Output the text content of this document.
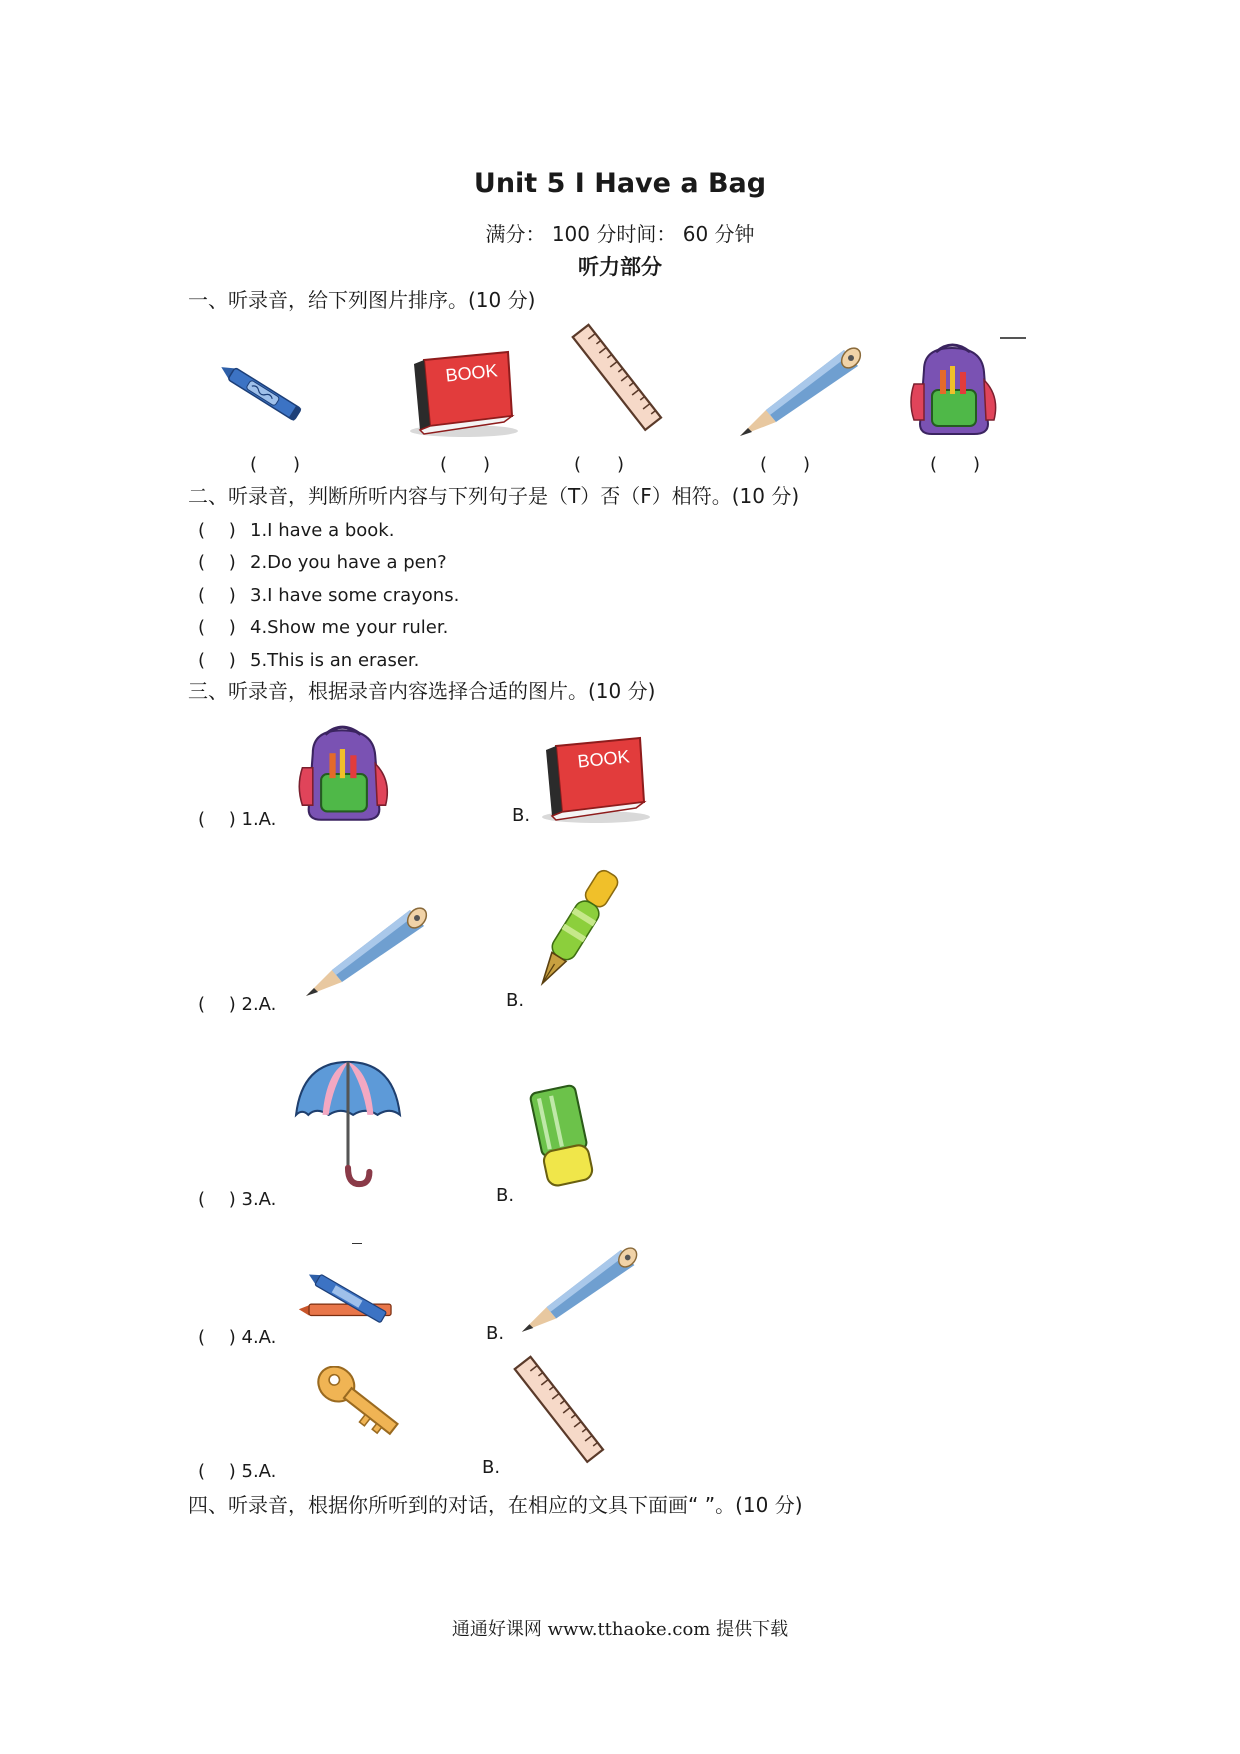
Unit 5 I Have a Bag
满分： 100 分时间： 60 分钟
听力部分
一、听录音，给下列图片排序。(10 分)
(　　)	(　　)	(　　)	(　　)	(　　)
二、听录音，判断所听内容与下列句子是（T）否（F）相符。(10 分)
(　 ) 1.I have a book.
(　 ) 2.Do you have a pen?
(　 ) 3.I have some crayons.
(　 ) 4.Show me your ruler.
(　 ) 5.This is an eraser.
三、听录音，根据录音内容选择合适的图片。(10 分)
(　 ) 1.A.	B.
(　 ) 2.A.	B.
(　 ) 3.A.	B.
(　 ) 4.A.	B.
(　 ) 5.A.	B.
四、听录音，根据你所听到的对话，在相应的文具下面画“ ”。(10 分)
通通好课网 www.tthaoke.com 提供下载
